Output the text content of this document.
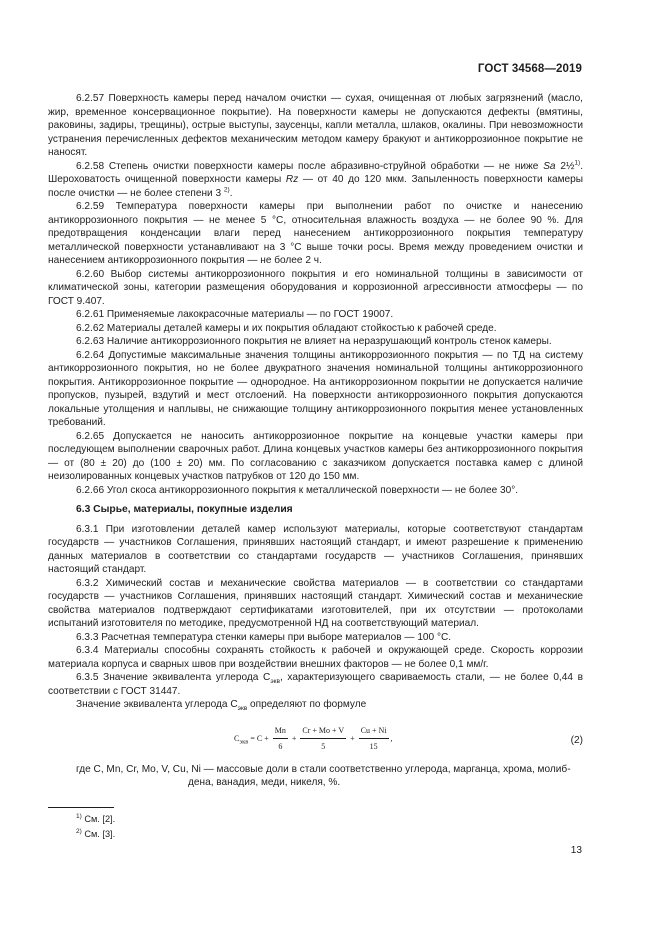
ГОСТ 34568—2019

6.2.57 Поверхность камеры перед началом очистки — сухая, очищенная от любых загрязнений (масло, жир, временное консервационное покрытие). На поверхности камеры не допускаются дефекты (вмятины, раковины, задиры, трещины), острые выступы, заусенцы, капли металла, шлаков, окалины. При невозможности устранения перечисленных дефектов механическим методом камеру бракуют и антикоррозионное покрытие не наносят.

6.2.58 Степень очистки поверхности камеры после абразивно-струйной обработки — не ниже Sa 2½$^{1)}$. Шероховатость очищенной поверхности камеры Rz — от 40 до 120 мкм. Запыленность поверхности камеры после очистки — не более степени 3 $^{2)}$.

6.2.59 Температура поверхности камеры при выполнении работ по очистке и нанесению антикоррозионного покрытия — не менее 5 °С, относительная влажность воздуха — не более 90 %. Для предотвращения конденсации влаги перед нанесением антикоррозионного покрытия температуру металлической поверхности устанавливают на 3 °С выше точки росы. Время между проведением очистки и нанесением антикоррозионного покрытия — не более 2 ч.

6.2.60 Выбор системы антикоррозионного покрытия и его номинальной толщины в зависимости от климатической зоны, категории размещения оборудования и коррозионной агрессивности атмосферы — по ГОСТ 9.407.

6.2.61 Применяемые лакокрасочные материалы — по ГОСТ 19007.

6.2.62 Материалы деталей камеры и их покрытия обладают стойкостью к рабочей среде.

6.2.63 Наличие антикоррозионного покрытия не влияет на неразрушающий контроль стенок камеры.

6.2.64 Допустимые максимальные значения толщины антикоррозионного покрытия — по ТД на систему антикоррозионного покрытия, но не более двукратного значения номинальной толщины антикоррозионного покрытия. Антикоррозионное покрытие — однородное. На антикоррозионном покрытии не допускается наличие пропусков, пузырей, вздутий и мест отслоений. На поверхности антикоррозионного покрытия допускаются локальные утолщения и наплывы, не снижающие толщину антикоррозионного покрытия менее установленных требований.

6.2.65 Допускается не наносить антикоррозионное покрытие на концевые участки камеры при последующем выполнении сварочных работ. Длина концевых участков камеры без антикоррозионного покрытия — от (80 ± 20) до (100 ± 20) мм. По согласованию с заказчиком допускается поставка камер с длиной неизолированных концевых участков патрубков от 120 до 150 мм.

6.2.66 Угол скоса антикоррозионного покрытия к металлической поверхности — не более 30°.

6.3 Сырье, материалы, покупные изделия

6.3.1 При изготовлении деталей камер используют материалы, которые соответствуют стандартам государств — участников Соглашения, принявших настоящий стандарт, и имеют разрешение к применению данных материалов в соответствии со стандартами государств — участников Соглашения, принявших настоящий стандарт.

6.3.2 Химический состав и механические свойства материалов — в соответствии со стандартами государств — участников Соглашения, принявших настоящий стандарт. Химический состав и механические свойства материалов подтверждают сертификатами изготовителей, при их отсутствии — протоколами испытаний изготовителя по методике, предусмотренной НД на соответствующий материал.

6.3.3 Расчетная температура стенки камеры при выборе материалов — 100 °С.

6.3.4 Материалы способны сохранять стойкость к рабочей и окружающей среде. Скорость коррозии материала корпуса и сварных швов при воздействии внешних факторов — не более 0,1 мм/г.

6.3.5 Значение эквивалента углерода $С_{экв}$, характеризующего свариваемость стали, — не более 0,44 в соответствии с ГОСТ 31447.

Значение эквивалента углерода $С_{экв}$ определяют по формуле

$С_{экв} = С + \frac{Mn}{6} + \frac{Cr + Mo + V}{5} + \frac{Cu + Ni}{15}$ ,	(2)

где С, Mn, Cr, Mo, V, Cu, Ni — массовые доли в стали соответственно углерода, марганца, хрома, молиб-
дена, ванадия, меди, никеля, %.

$^{1)}$ См. [2].
$^{2)}$ См. [3].
13
